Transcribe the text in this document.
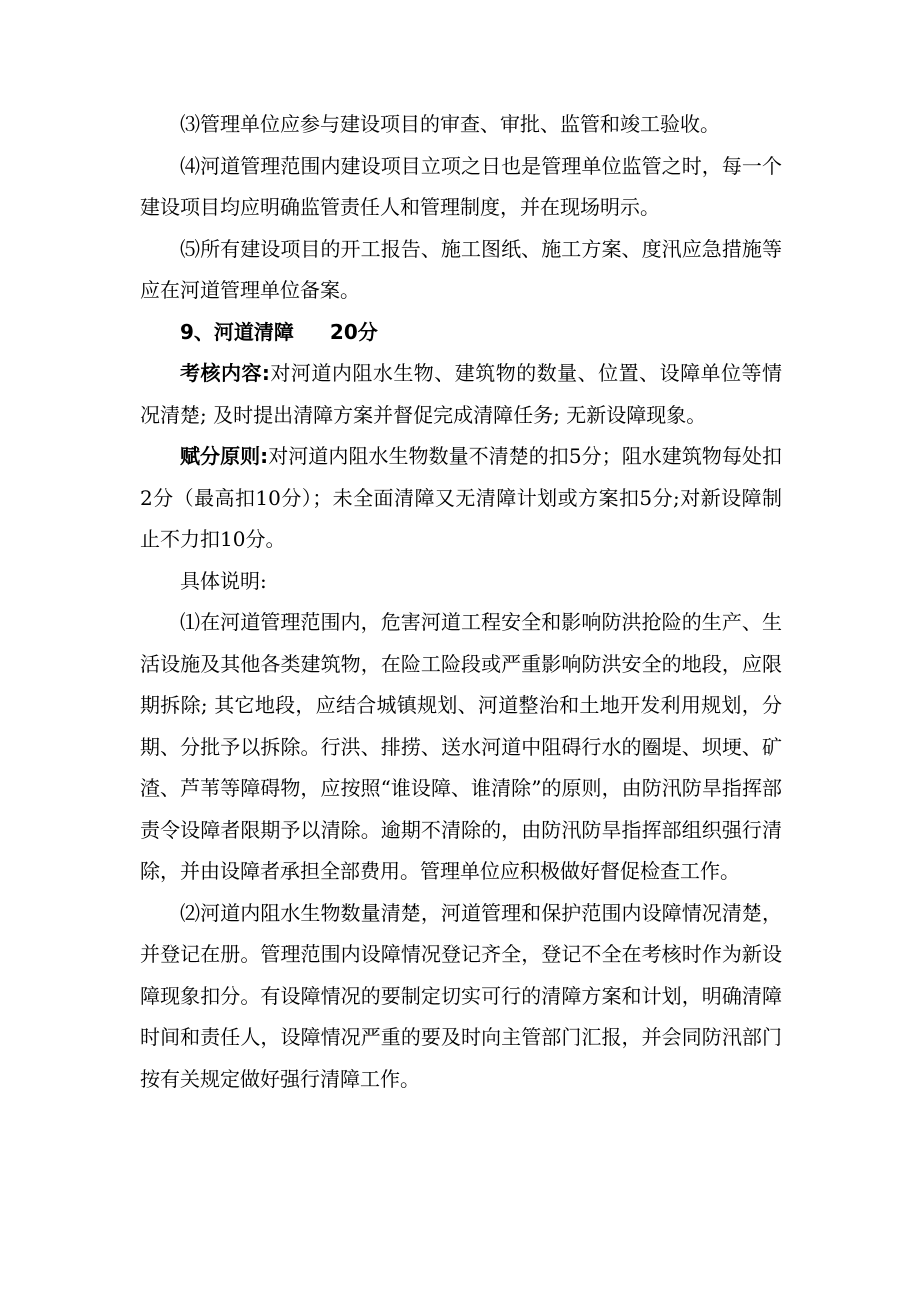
⑶管理单位应参与建设项目的审查、审批、监管和竣工验收。

⑷河道管理范围内建设项目立项之日也是管理单位监管之时，每一个建设项目均应明确监管责任人和管理制度，并在现场明示。

⑸所有建设项目的开工报告、施工图纸、施工方案、度汛应急措施等应在河道管理单位备案。

9、河道清障 20分

考核内容:对河道内阻水生物、建筑物的数量、位置、设障单位等情况清楚; 及时提出清障方案并督促完成清障任务; 无新设障现象。

赋分原则:对河道内阻水生物数量不清楚的扣5分；阻水建筑物每处扣2分（最高扣10分）；未全面清障又无清障计划或方案扣5分;对新设障制止不力扣10分。

具体说明:

⑴在河道管理范围内，危害河道工程安全和影响防洪抢险的生产、生活设施及其他各类建筑物，在险工险段或严重影响防洪安全的地段，应限期拆除; 其它地段，应结合城镇规划、河道整治和土地开发利用规划，分期、分批予以拆除。行洪、排捞、送水河道中阻碍行水的圈堤、坝埂、矿渣、芦苇等障碍物，应按照“谁设障、谁清除”的原则，由防汛防旱指挥部责令设障者限期予以清除。逾期不清除的，由防汛防旱指挥部组织强行清除，并由设障者承担全部费用。管理单位应积极做好督促检查工作。

⑵河道内阻水生物数量清楚，河道管理和保护范围内设障情况清楚，并登记在册。管理范围内设障情况登记齐全，登记不全在考核时作为新设障现象扣分。有设障情况的要制定切实可行的清障方案和计划，明确清障时间和责任人，设障情况严重的要及时向主管部门汇报，并会同防汛部门按有关规定做好强行清障工作。
